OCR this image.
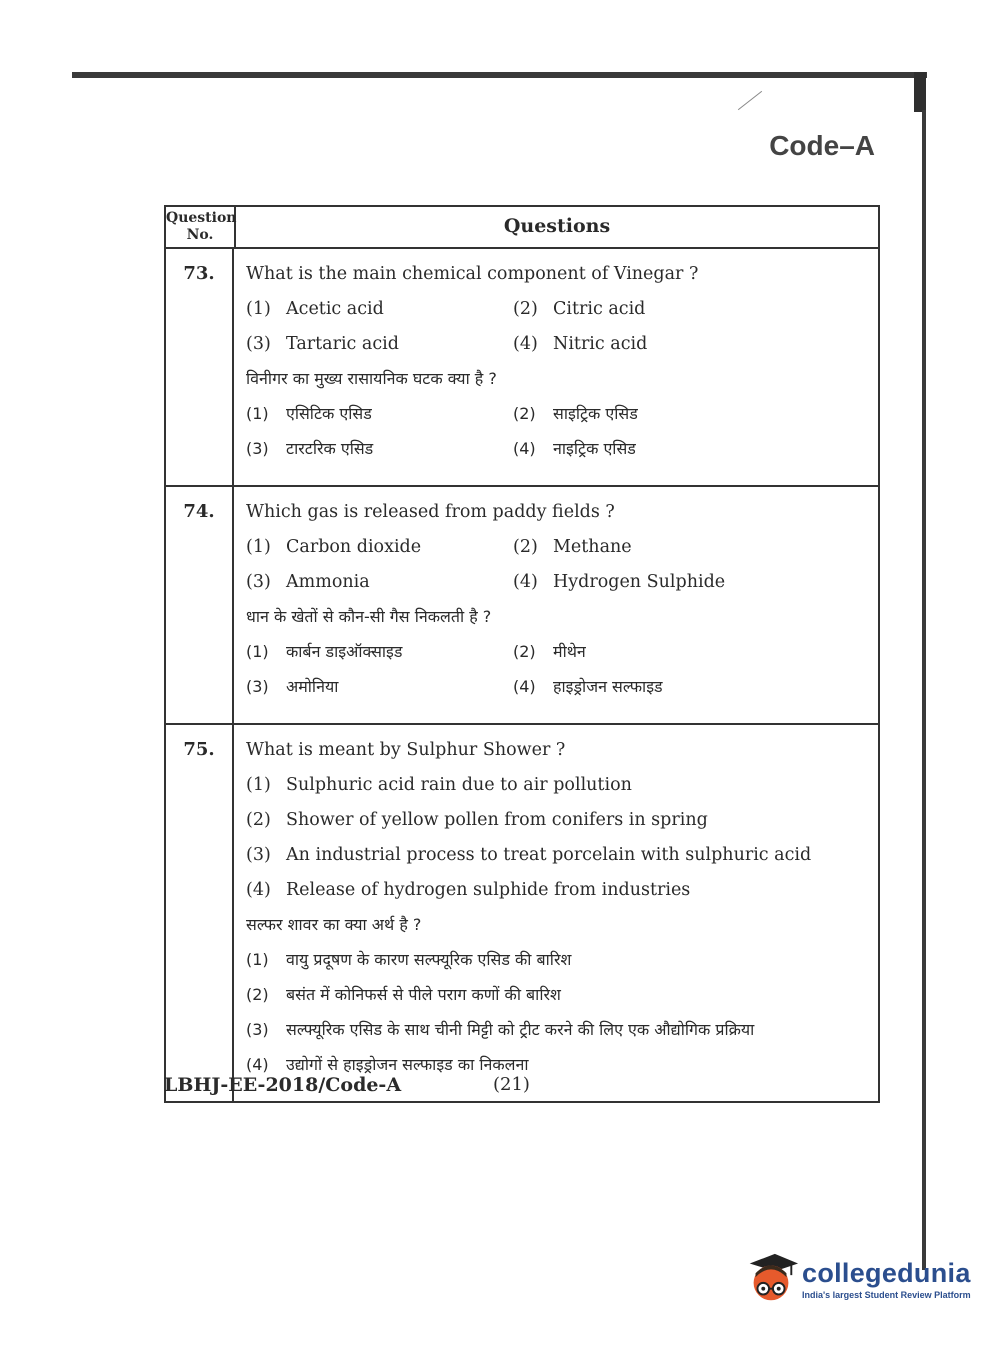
Code–A
Question No.	Questions
73.	What is the main chemical component of Vinegar ?
(1) Acetic acid	(2) Citric acid
(3) Tartaric acid	(4) Nitric acid
विनीगर का मुख्य रासायनिक घटक क्या है ?
(1)	एसिटिक एसिड	(2)	साइट्रिक एसिड
(3)	टारटरिक एसिड	(4)	नाइट्रिक एसिड
74.	Which gas is released from paddy fields ?
(1) Carbon dioxide	(2) Methane
(3) Ammonia	(4) Hydrogen Sulphide
धान के खेतों से कौन-सी गैस निकलती है ?
(1)	कार्बन डाइऑक्साइड	(2)	मीथेन
(3)	अमोनिया	(4)	हाइड्रोजन सल्फाइड
75.	What is meant by Sulphur Shower ?
(1) Sulphuric acid rain due to air pollution
(2) Shower of yellow pollen from conifers in spring
(3) An industrial process to treat porcelain with sulphuric acid
(4) Release of hydrogen sulphide from industries
सल्फर शावर का क्या अर्थ है ?
(1)	वायु प्रदूषण के कारण सल्फ्यूरिक एसिड की बारिश
(2)	बसंत में कोनिफर्स से पीले पराग कणों की बारिश
(3)	सल्फ्यूरिक एसिड के साथ चीनी मिट्टी को ट्रीट करने की लिए एक औद्योगिक प्रक्रिया
(4)	उद्योगों से हाइड्रोजन सल्फाइड का निकलना
LBHJ-EE-2018/Code-A	(21)
collegedunia
India's largest Student Review Platform
